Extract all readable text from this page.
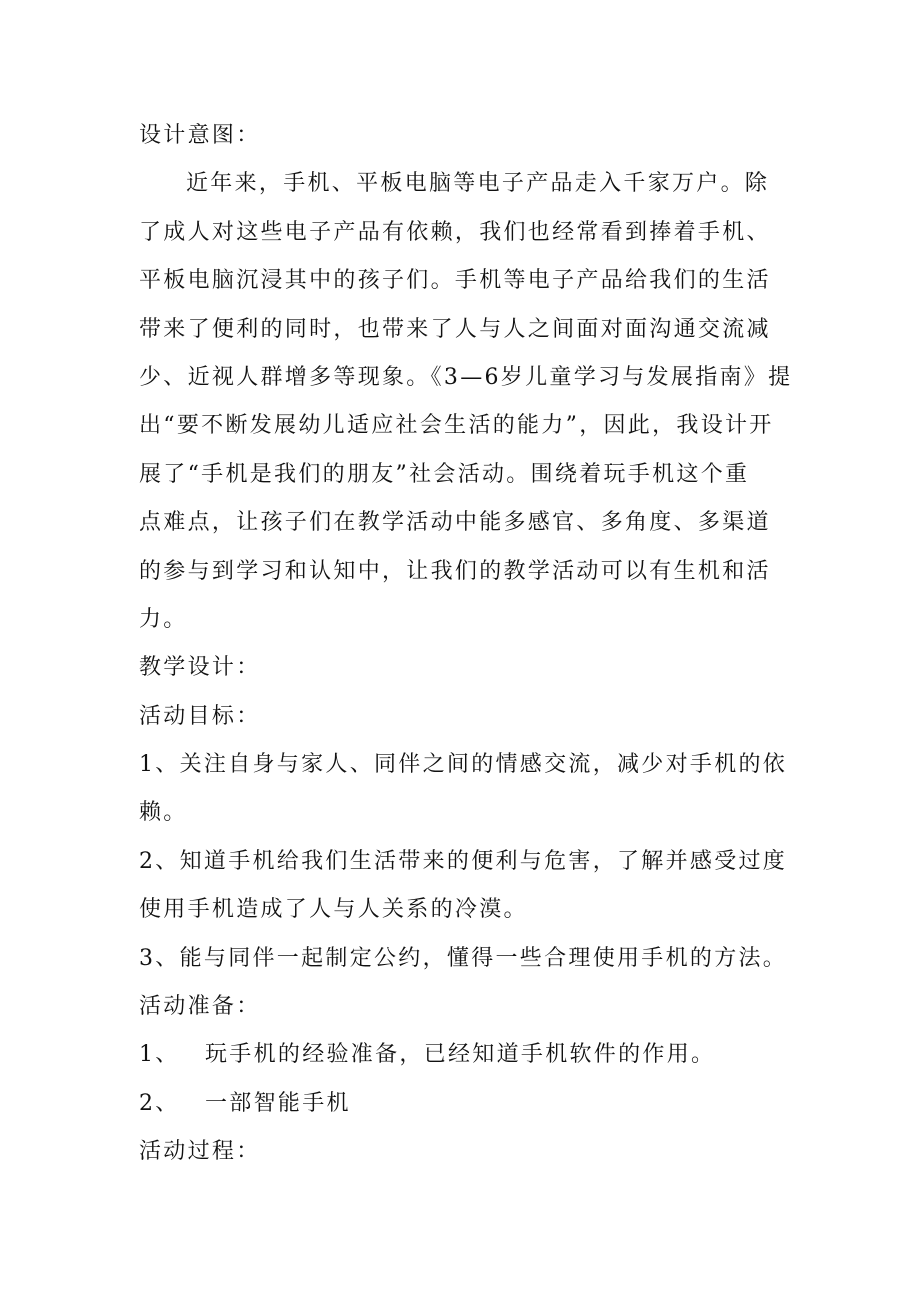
设计意图：
近年来，手机、平板电脑等电子产品走入千家万户。除
了成人对这些电子产品有依赖，我们也经常看到捧着手机、
平板电脑沉浸其中的孩子们。手机等电子产品给我们的生活
带来了便利的同时，也带来了人与人之间面对面沟通交流减
少、近视人群增多等现象。《3—6岁儿童学习与发展指南》提
出“要不断发展幼儿适应社会生活的能力”，因此，我设计开
展了“手机是我们的朋友”社会活动。围绕着玩手机这个重
点难点，让孩子们在教学活动中能多感官、多角度、多渠道
的参与到学习和认知中，让我们的教学活动可以有生机和活
力。
教学设计：
活动目标：
1、关注自身与家人、同伴之间的情感交流，减少对手机的依
赖。
2、知道手机给我们生活带来的便利与危害，了解并感受过度
使用手机造成了人与人关系的冷漠。
3、能与同伴一起制定公约，懂得一些合理使用手机的方法。
活动准备：
1、 玩手机的经验准备，已经知道手机软件的作用。
2、 一部智能手机
活动过程：
